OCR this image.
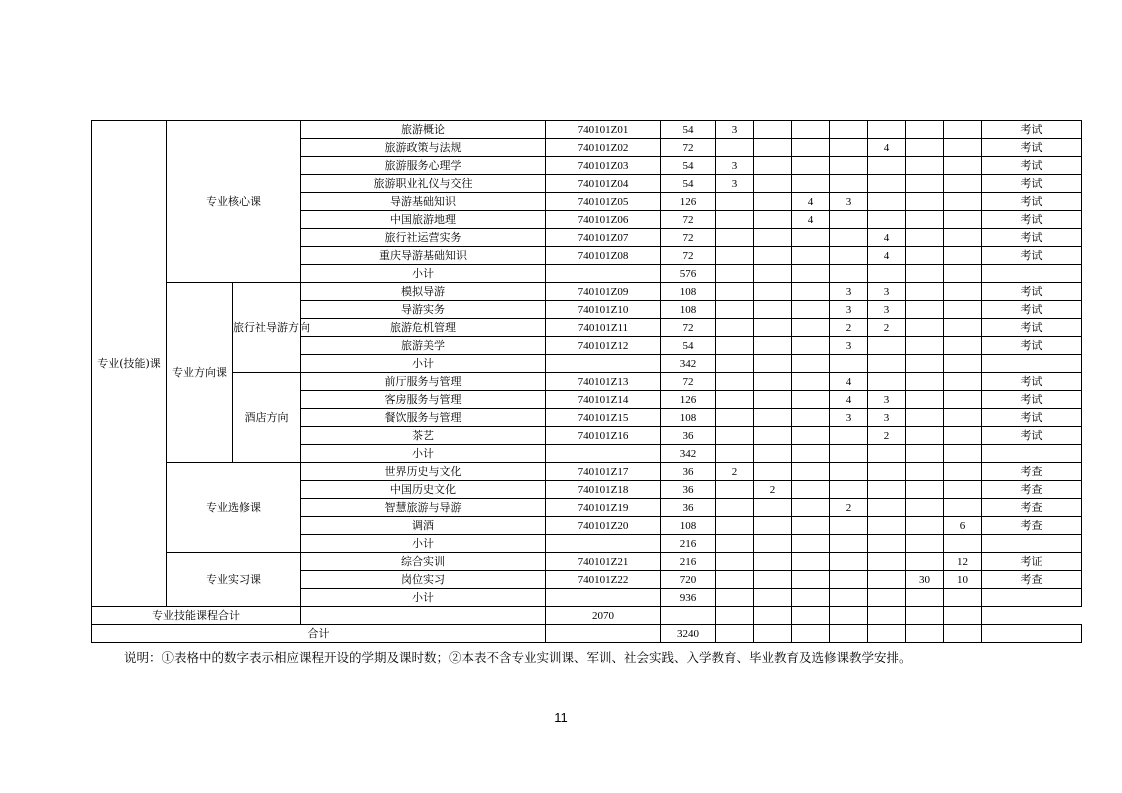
专业(技能)课	专业核心课		旅游概论	740101Z01	54	3							考试
			旅游政策与法规	740101Z02	72					4			考试
			旅游服务心理学	740101Z03	54	3							考试
			旅游职业礼仪与交往	740101Z04	54	3							考试
			导游基础知识	740101Z05	126			4	3				考试
			中国旅游地理	740101Z06	72			4					考试
			旅行社运营实务	740101Z07	72					4			考试
			重庆导游基础知识	740101Z08	72					4			考试
			小计		576								
	专业方向课	旅行社导游方向	模拟导游	740101Z09	108				3	3			考试
			导游实务	740101Z10	108				3	3			考试
			旅游危机管理	740101Z11	72				2	2			考试
			旅游美学	740101Z12	54				3				考试
			小计		342								
		酒店方向	前厅服务与管理	740101Z13	72				4				考试
			客房服务与管理	740101Z14	126				4	3			考试
			餐饮服务与管理	740101Z15	108				3	3			考试
			茶艺	740101Z16	36					2			考试
			小计		342								
	专业选修课		世界历史与文化	740101Z17	36	2							考查
			中国历史文化	740101Z18	36		2						考查
			智慧旅游与导游	740101Z19	36				2				考查
			调酒	740101Z20	108							6	考查
			小计		216								
	专业实习课		综合实训	740101Z21	216							12	考证
			岗位实习	740101Z22	720						30	10	考查
			小计		936								
专业技能课程合计				2070									
合计					3240								
说明：①表格中的数字表示相应课程开设的学期及课时数；②本表不含专业实训课、军训、社会实践、入学教育、毕业教育及选修课教学安排。
11
